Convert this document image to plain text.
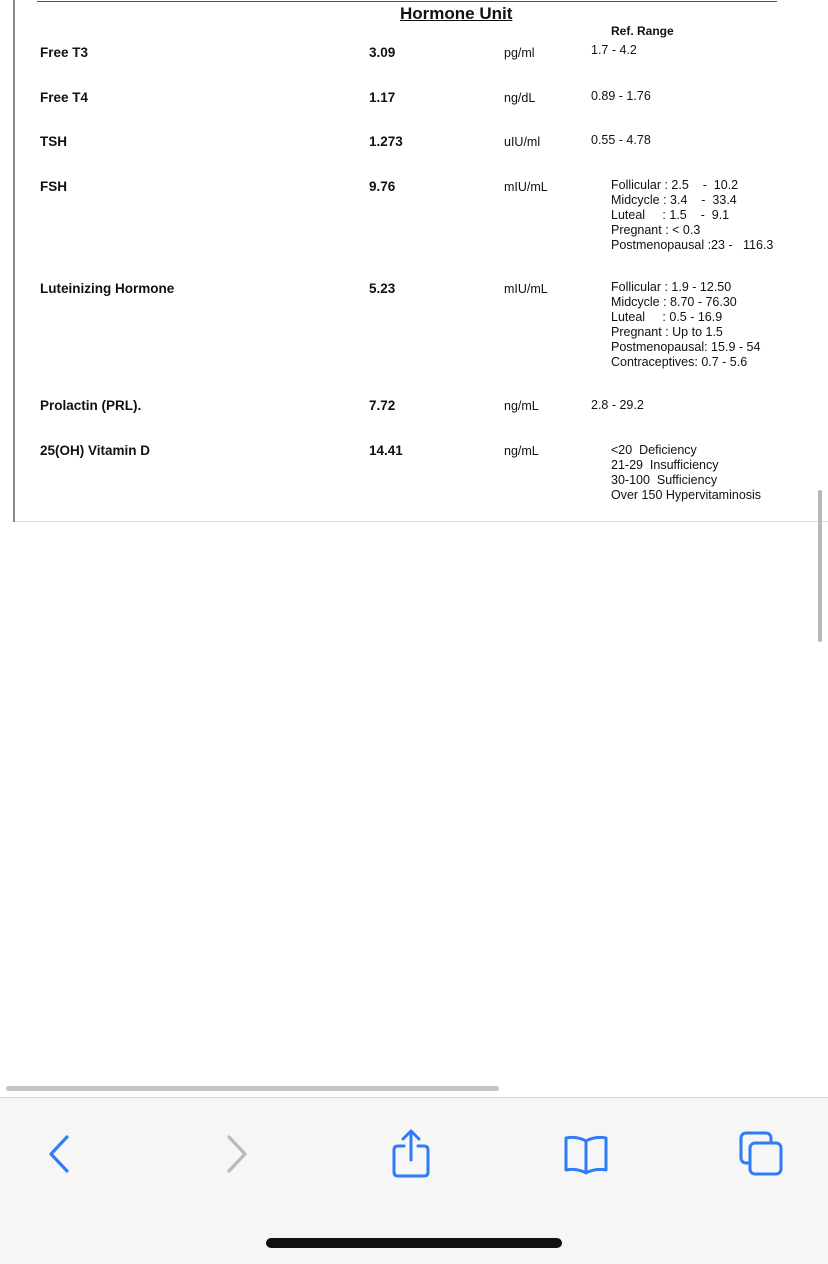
Hormone Unit
Ref. Range
Free T3	3.09	pg/ml	1.7 - 4.2
Free T4	1.17	ng/dL	0.89 - 1.76
TSH	1.273	uIU/ml	0.55 - 4.78
FSH	9.76	mIU/mL	Follicular : 2.5    -  10.2
Midcycle : 3.4    -  33.4
Luteal     : 1.5    -  9.1
Pregnant : < 0.3
Postmenopausal :23 -   116.3
Luteinizing Hormone	5.23	mIU/mL	Follicular : 1.9 - 12.50
Midcycle : 8.70 - 76.30
Luteal     : 0.5 - 16.9
Pregnant : Up to 1.5
Postmenopausal: 15.9 - 54
Contraceptives: 0.7 - 5.6
Prolactin (PRL).	7.72	ng/mL	2.8 - 29.2
25(OH) Vitamin D	14.41	ng/mL	<20  Deficiency
21-29  Insufficiency
30-100  Sufficiency
Over 150 Hypervitaminosis
